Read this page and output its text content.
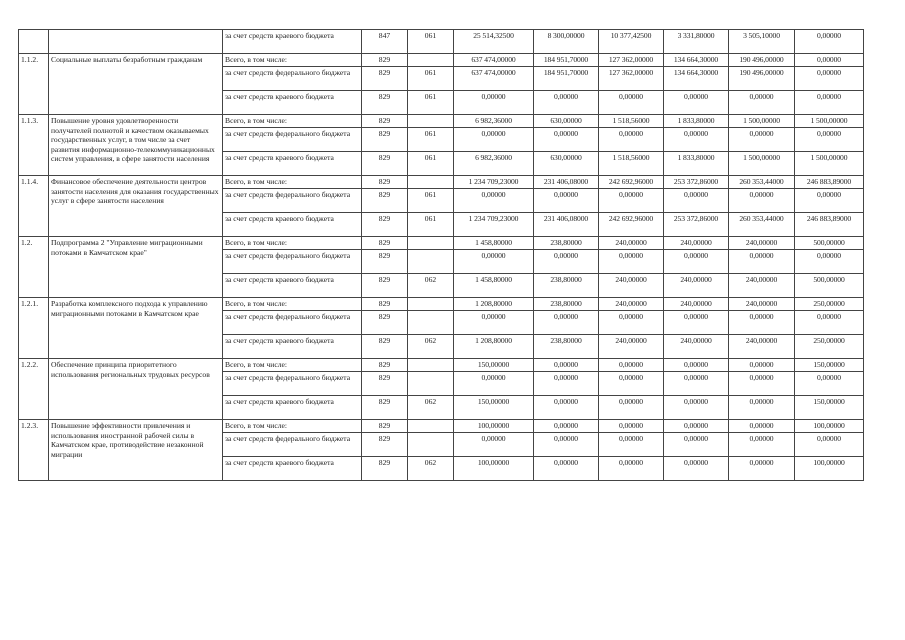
		за счет средств краевого бюджета	847	061	25 514,32500	8 300,00000	10 377,42500	3 331,80000	3 505,10000	0,00000
1.1.2.	Социальные выплаты безработным гражданам	Всего, в том числе:	829		637 474,00000	184 951,70000	127 362,00000	134 664,30000	190 496,00000	0,00000
		за счет средств федерального бюджета	829	061	637 474,00000	184 951,70000	127 362,00000	134 664,30000	190 496,00000	0,00000
		за счет средств краевого бюджета	829	061	0,00000	0,00000	0,00000	0,00000	0,00000	0,00000
1.1.3.	Повышение уровня удовлетворенности получателей полнотой и качеством оказываемых государственных услуг, в том числе за счет развития информационно-телекоммуникационных систем управления, в сфере занятости населения	Всего, в том числе:	829		6 982,36000	630,00000	1 518,56000	1 833,80000	1 500,00000	1 500,00000
		за счет средств федерального бюджета	829	061	0,00000	0,00000	0,00000	0,00000	0,00000	0,00000
		за счет средств краевого бюджета	829	061	6 982,36000	630,00000	1 518,56000	1 833,80000	1 500,00000	1 500,00000
1.1.4.	Финансовое обеспечение деятельности центров занятости населения для оказания государственных услуг в сфере занятости населения	Всего, в том числе:	829		1 234 709,23000	231 406,08000	242 692,96000	253 372,86000	260 353,44000	246 883,89000
		за счет средств федерального бюджета	829	061	0,00000	0,00000	0,00000	0,00000	0,00000	0,00000
		за счет средств краевого бюджета	829	061	1 234 709,23000	231 406,08000	242 692,96000	253 372,86000	260 353,44000	246 883,89000
1.2.	Подпрограмма 2 "Управление миграционными потоками в Камчатском крае"	Всего, в том числе:	829		1 458,80000	238,80000	240,00000	240,00000	240,00000	500,00000
		за счет средств федерального бюджета	829		0,00000	0,00000	0,00000	0,00000	0,00000	0,00000
		за счет средств краевого бюджета	829	062	1 458,80000	238,80000	240,00000	240,00000	240,00000	500,00000
1.2.1.	Разработка комплексного подхода к управлению миграционными потоками в Камчатском крае	Всего, в том числе:	829		1 208,80000	238,80000	240,00000	240,00000	240,00000	250,00000
		за счет средств федерального бюджета	829		0,00000	0,00000	0,00000	0,00000	0,00000	0,00000
		за счет средств краевого бюджета	829	062	1 208,80000	238,80000	240,00000	240,00000	240,00000	250,00000
1.2.2.	Обеспечение принципа приоритетного использования региональных трудовых ресурсов	Всего, в том числе:	829		150,00000	0,00000	0,00000	0,00000	0,00000	150,00000
		за счет средств федерального бюджета	829		0,00000	0,00000	0,00000	0,00000	0,00000	0,00000
		за счет средств краевого бюджета	829	062	150,00000	0,00000	0,00000	0,00000	0,00000	150,00000
1.2.3.	Повышение эффективности привлечения и использования иностранной рабочей силы в Камчатском крае, противодействие незаконной миграции	Всего, в том числе:	829		100,00000	0,00000	0,00000	0,00000	0,00000	100,00000
		за счет средств федерального бюджета	829		0,00000	0,00000	0,00000	0,00000	0,00000	0,00000
		за счет средств краевого бюджета	829	062	100,00000	0,00000	0,00000	0,00000	0,00000	100,00000
